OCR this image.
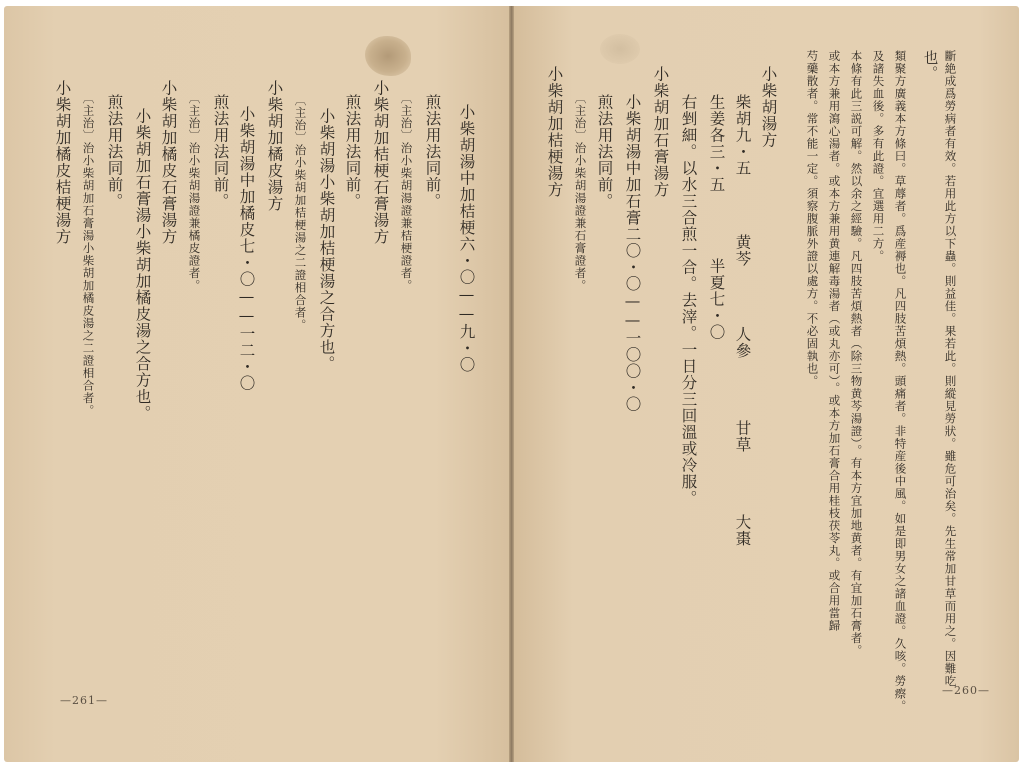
小柴胡湯中加桔梗六・〇——九・〇
煎法用法同前。
〔主治〕治小柴胡湯證兼桔梗證者。
小柴胡加桔梗石膏湯方
煎法用法同前。
小柴胡湯小柴胡加桔梗湯之合方也。
〔主治〕治小柴胡加桔梗湯之二證相合者。
小柴胡加橘皮湯方
小柴胡湯中加橘皮七・〇——一二・〇
煎法用法同前。
〔主治〕治小柴胡湯證兼橘皮證者。
小柴胡加橘皮石膏湯方
小柴胡加石膏湯小柴胡加橘皮湯之合方也。
煎法用法同前。
〔主治〕治小柴胡加石膏湯小柴胡加橘皮湯之二證相合者。
小柴胡加橘皮桔梗湯方	斷絶成爲勞病者有效。若用此方以下蟲。則益佳。果若此。則縱見勞狀。雖危可治矣。先生常加甘草而用之。因難吃
也。
類聚方廣義本方條曰。草蓐者。爲産褥也。凡四肢苦煩熱。頭痛者。非特産後中風。如是即男女之諸血證。久咳。勞瘵。
及諸失血後。多有此證。宜選用二方。
本條有此三説可解。然以余之經驗。凡四肢苦煩熱者（除三物黄芩湯證）。有本方宜加地黄者。有宜加石膏者。
或本方兼用瀉心湯者。或本方兼用黄連解毒湯者（或丸亦可）。或本方加石膏合用桂枝茯苓丸。或合用當歸
芍藥散者。常不能一定。須察腹脈外證以處方。不必固執也。
小柴胡湯方
柴胡九・五
黄芩
人參
甘草
大棗
生姜各三・五
半夏七・〇
右剉細。以水三合煎一合。去滓。一日分三回溫或冷服。
小柴胡加石膏湯方
小柴胡湯中加石膏二〇・〇——一〇〇・〇
煎法用法同前。
〔主治〕治小柴胡湯證兼石膏證者。
小柴胡加桔梗湯方
—261—
—260—
